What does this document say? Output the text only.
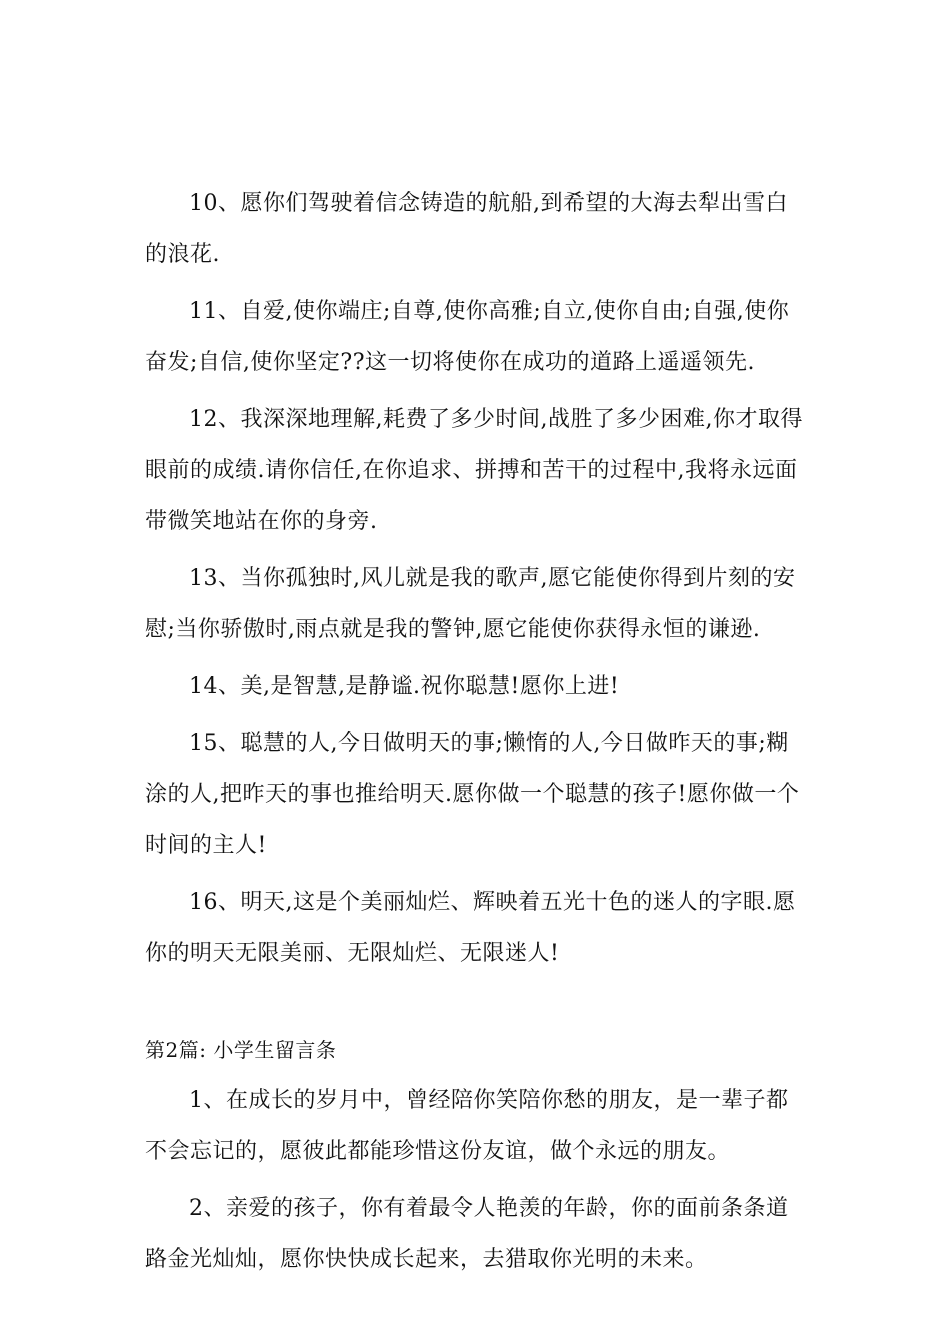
10、愿你们驾驶着信念铸造的航船,到希望的大海去犁出雪白的浪花.

11、自爱,使你端庄;自尊,使你高雅;自立,使你自由;自强,使你奋发;自信,使你坚定??这一切将使你在成功的道路上遥遥领先.

12、我深深地理解,耗费了多少时间,战胜了多少困难,你才取得眼前的成绩.请你信任,在你追求、拼搏和苦干的过程中,我将永远面带微笑地站在你的身旁.

13、当你孤独时,风儿就是我的歌声,愿它能使你得到片刻的安慰;当你骄傲时,雨点就是我的警钟,愿它能使你获得永恒的谦逊.

14、美,是智慧,是静谧.祝你聪慧!愿你上进!

15、聪慧的人,今日做明天的事;懒惰的人,今日做昨天的事;糊涂的人,把昨天的事也推给明天.愿你做一个聪慧的孩子!愿你做一个时间的主人!

16、明天,这是个美丽灿烂、辉映着五光十色的迷人的字眼.愿你的明天无限美丽、无限灿烂、无限迷人!

第2篇: 小学生留言条

1、在成长的岁月中，曾经陪你笑陪你愁的朋友，是一辈子都不会忘记的，愿彼此都能珍惜这份友谊，做个永远的朋友。

2、亲爱的孩子，你有着最令人艳羡的年龄，你的面前条条道路金光灿灿，愿你快快成长起来，去猎取你光明的未来。
